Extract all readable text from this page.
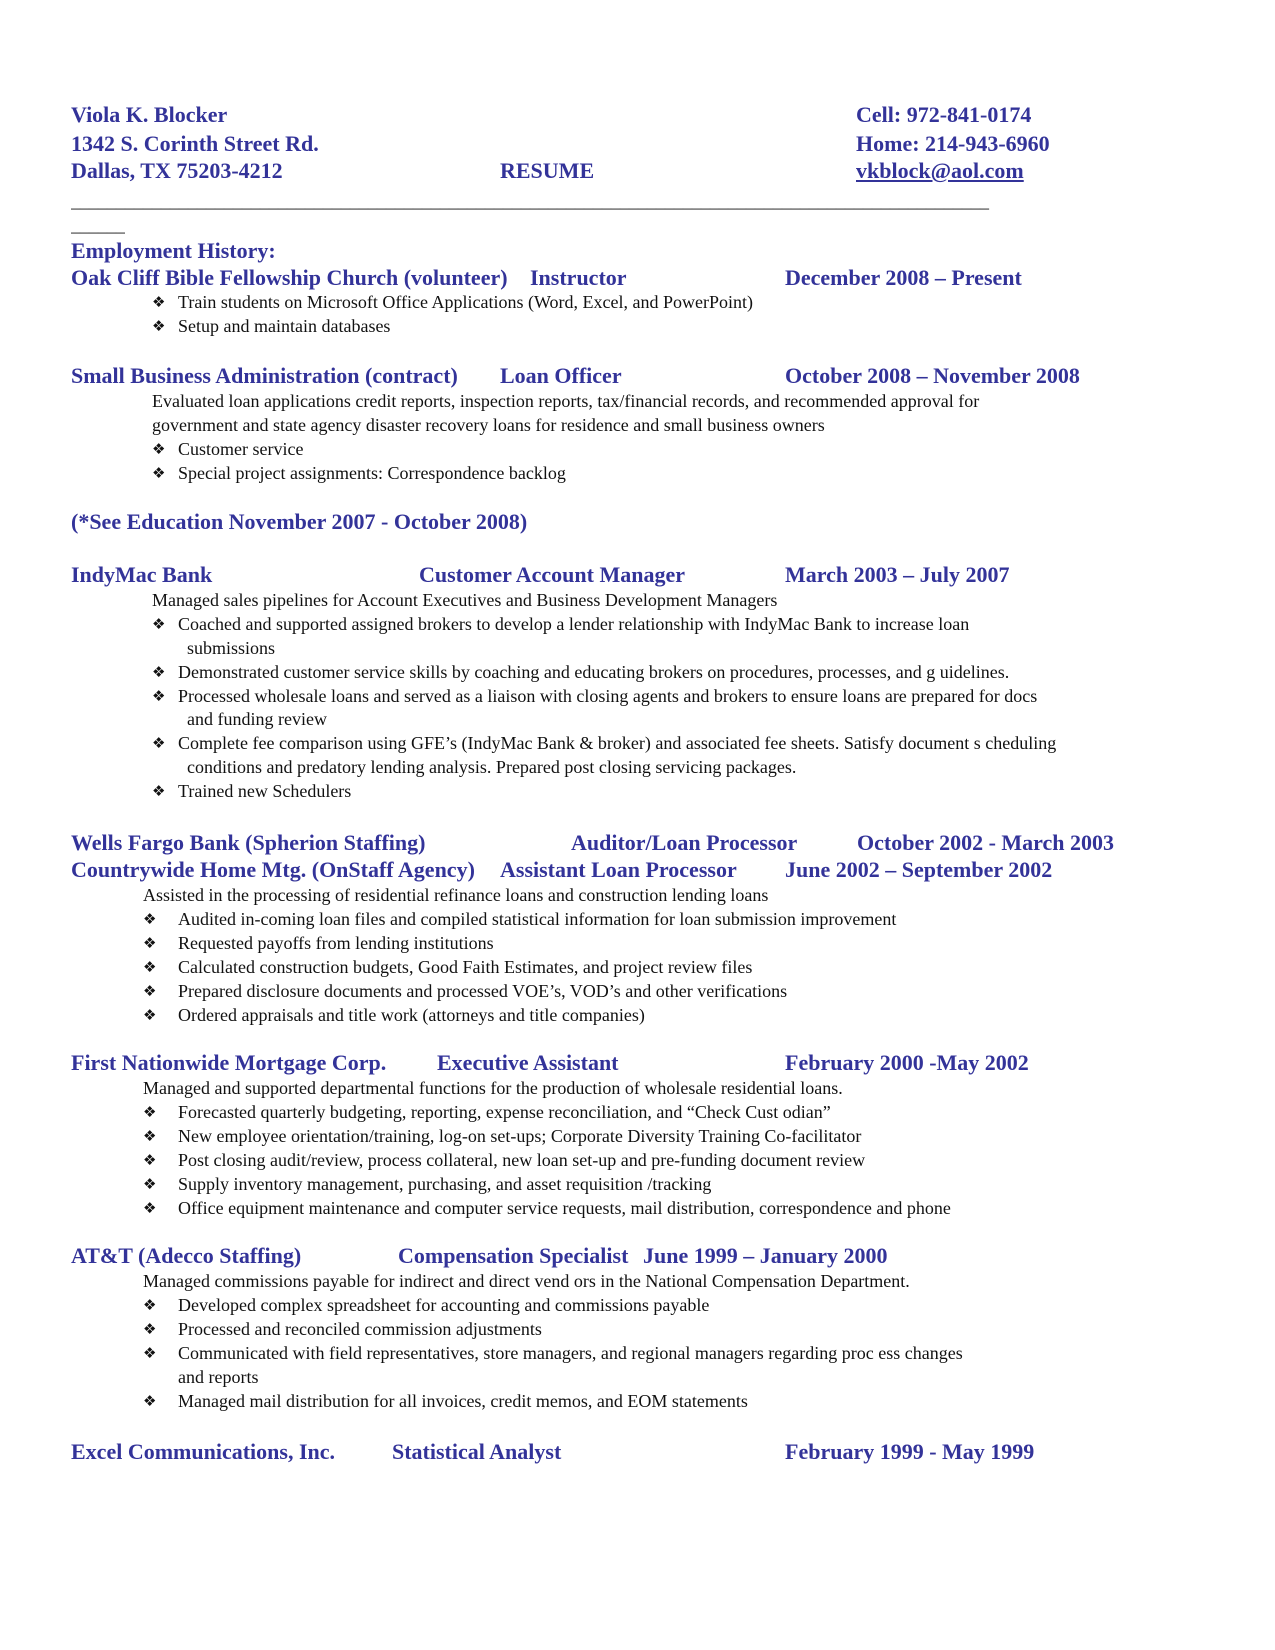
Viola K. Blocker
1342 S. Corinth Street Rd.
Dallas, TX 75203-4212	RESUME
Cell: 972-841-0174
Home: 214-943-6960
vkblock@aol.com
______________________________________________________________________________________________________
______
Employment History:
Oak Cliff Bible Fellowship Church (volunteer) Instructor	December 2008 – Present
❖ Train students on Microsoft Office Applications (Word, Excel, and PowerPoint)
❖ Setup and maintain databases
Small Business Administration (contract) Loan Officer	October 2008 – November 2008
Evaluated loan applications credit reports, inspection reports, tax/financial records, and recommended approval for
government and state agency disaster recovery loans for residence and small business owners
❖ Customer service
❖ Special project assignments: Correspondence backlog
(*See Education November 2007 - October 2008)
IndyMac Bank	Customer Account Manager	March 2003 – July 2007
Managed sales pipelines for Account Executives and Business Development Managers
❖ Coached and supported assigned brokers to develop a lender relationship with IndyMac Bank to increase loan
submissions
❖ Demonstrated customer service skills by coaching and educating brokers on procedures, processes, and g uidelines.
❖ Processed wholesale loans and served as a liaison with closing agents and brokers to ensure loans are prepared for docs
and funding review
❖ Complete fee comparison using GFE’s (IndyMac Bank & broker) and associated fee sheets. Satisfy document s cheduling
conditions and predatory lending analysis. Prepared post closing servicing packages.
❖ Trained new Schedulers
Wells Fargo Bank (Spherion Staffing)	Auditor/Loan Processor	October 2002 - March 2003
Countrywide Home Mtg. (OnStaff Agency) Assistant Loan Processor June 2002 – September 2002
Assisted in the processing of residential refinance loans and construction lending loans
❖ Audited in-coming loan files and compiled statistical information for loan submission improvement
❖ Requested payoffs from lending institutions
❖ Calculated construction budgets, Good Faith Estimates, and project review files
❖ Prepared disclosure documents and processed VOE’s, VOD’s and other verifications
❖ Ordered appraisals and title work (attorneys and title companies)
First Nationwide Mortgage Corp. Executive Assistant	February 2000 -May 2002
Managed and supported departmental functions for the production of wholesale residential loans.
❖ Forecasted quarterly budgeting, reporting, expense reconciliation, and “Check Cust odian”
❖ New employee orientation/training, log-on set-ups; Corporate Diversity Training Co-facilitator
❖ Post closing audit/review, process collateral, new loan set-up and pre-funding document review
❖ Supply inventory management, purchasing, and asset requisition /tracking
❖ Office equipment maintenance and computer service requests, mail distribution, correspondence and phone
AT&T (Adecco Staffing)	Compensation Specialist June 1999 – January 2000
Managed commissions payable for indirect and direct vend ors in the National Compensation Department.
❖ Developed complex spreadsheet for accounting and commissions payable
❖ Processed and reconciled commission adjustments
❖ Communicated with field representatives, store managers, and regional managers regarding proc ess changes
and reports
❖ Managed mail distribution for all invoices, credit memos, and EOM statements
Excel Communications, Inc.	Statistical Analyst	February 1999 - May 1999
